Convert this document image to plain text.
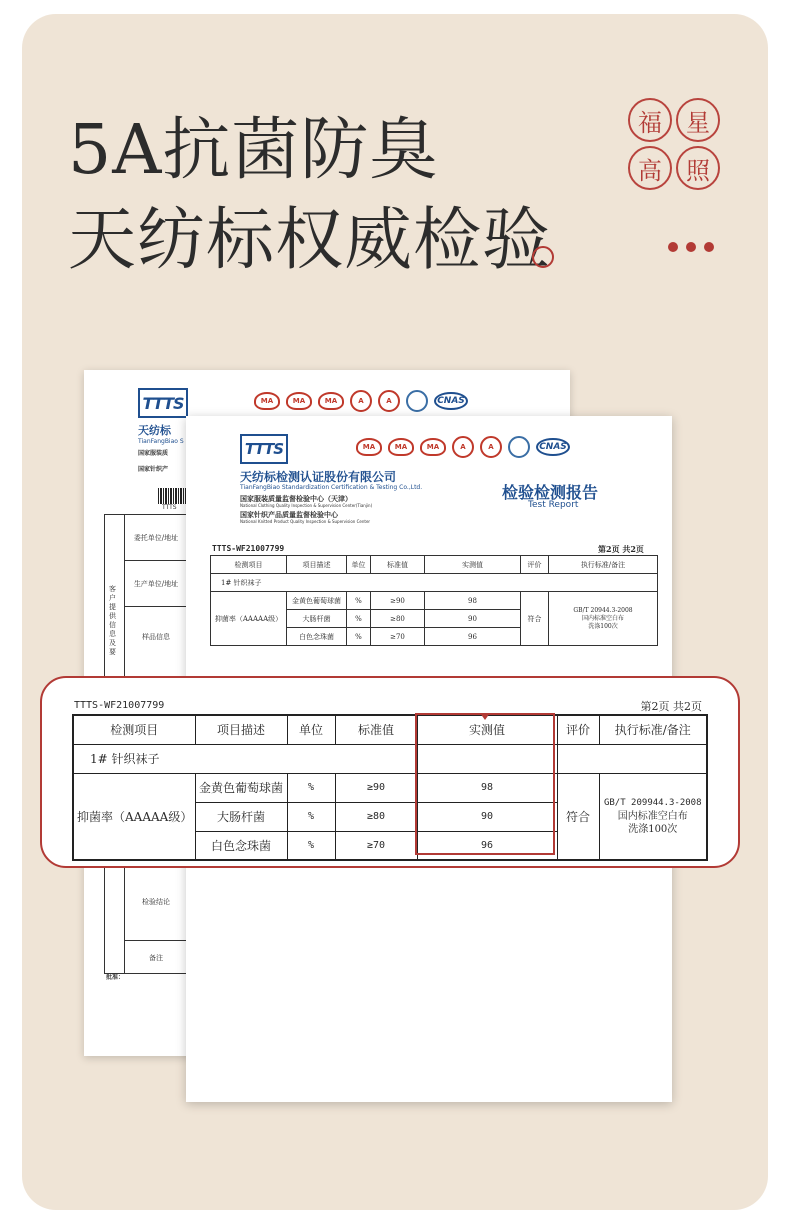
5A抗菌防臭
天纺标权威检验
福	星
高	照
TTTS
天纺标
TianFangBiao S
国家服装质
国家针织产
TTTS
MA	MA	MA	A	A	CNAS
客户提供信息及要
委托单位/地址
生产单位/地址
样品信息
检验结论
备注
批准：
TTTS	MA	MA	MA	A	A	CNAS
天纺标检测认证股份有限公司
TianFangBiao Standardization Certification & Testing Co.,Ltd.
国家服装质量监督检验中心（天津）
National Clothing Quality Inspection & Supervision Center(Tianjin)
国家针织产品质量监督检验中心
National Knitted Product Quality Inspection & Supervision Center
检验检测报告
Test Report
TTTS-WF21007799	第2页 共2页
检测项目	项目描述	单位	标准值	实测值	评价	执行标准/备注
1# 针织袜子						
抑菌率（AAAAA级）	金黄色葡萄球菌	%	≥90	98	符合	GB/T 20944.3-2008
国内标准空白布
洗涤100次

	大肠杆菌	%	≥80	90		
	白色念珠菌	%	≥70	96		
TTTS-WF21007799	第2页 共2页
检测项目	项目描述	单位	标准值	实测值	评价	执行标准/备注
1# 针织袜子						
抑菌率（AAAAA级）	金黄色葡萄球菌	%	≥90	98	符合	GB/T 209944.3-2008
国内标准空白布
洗涤100次

	大肠杆菌	%	≥80	90		
	白色念珠菌	%	≥70	96		
